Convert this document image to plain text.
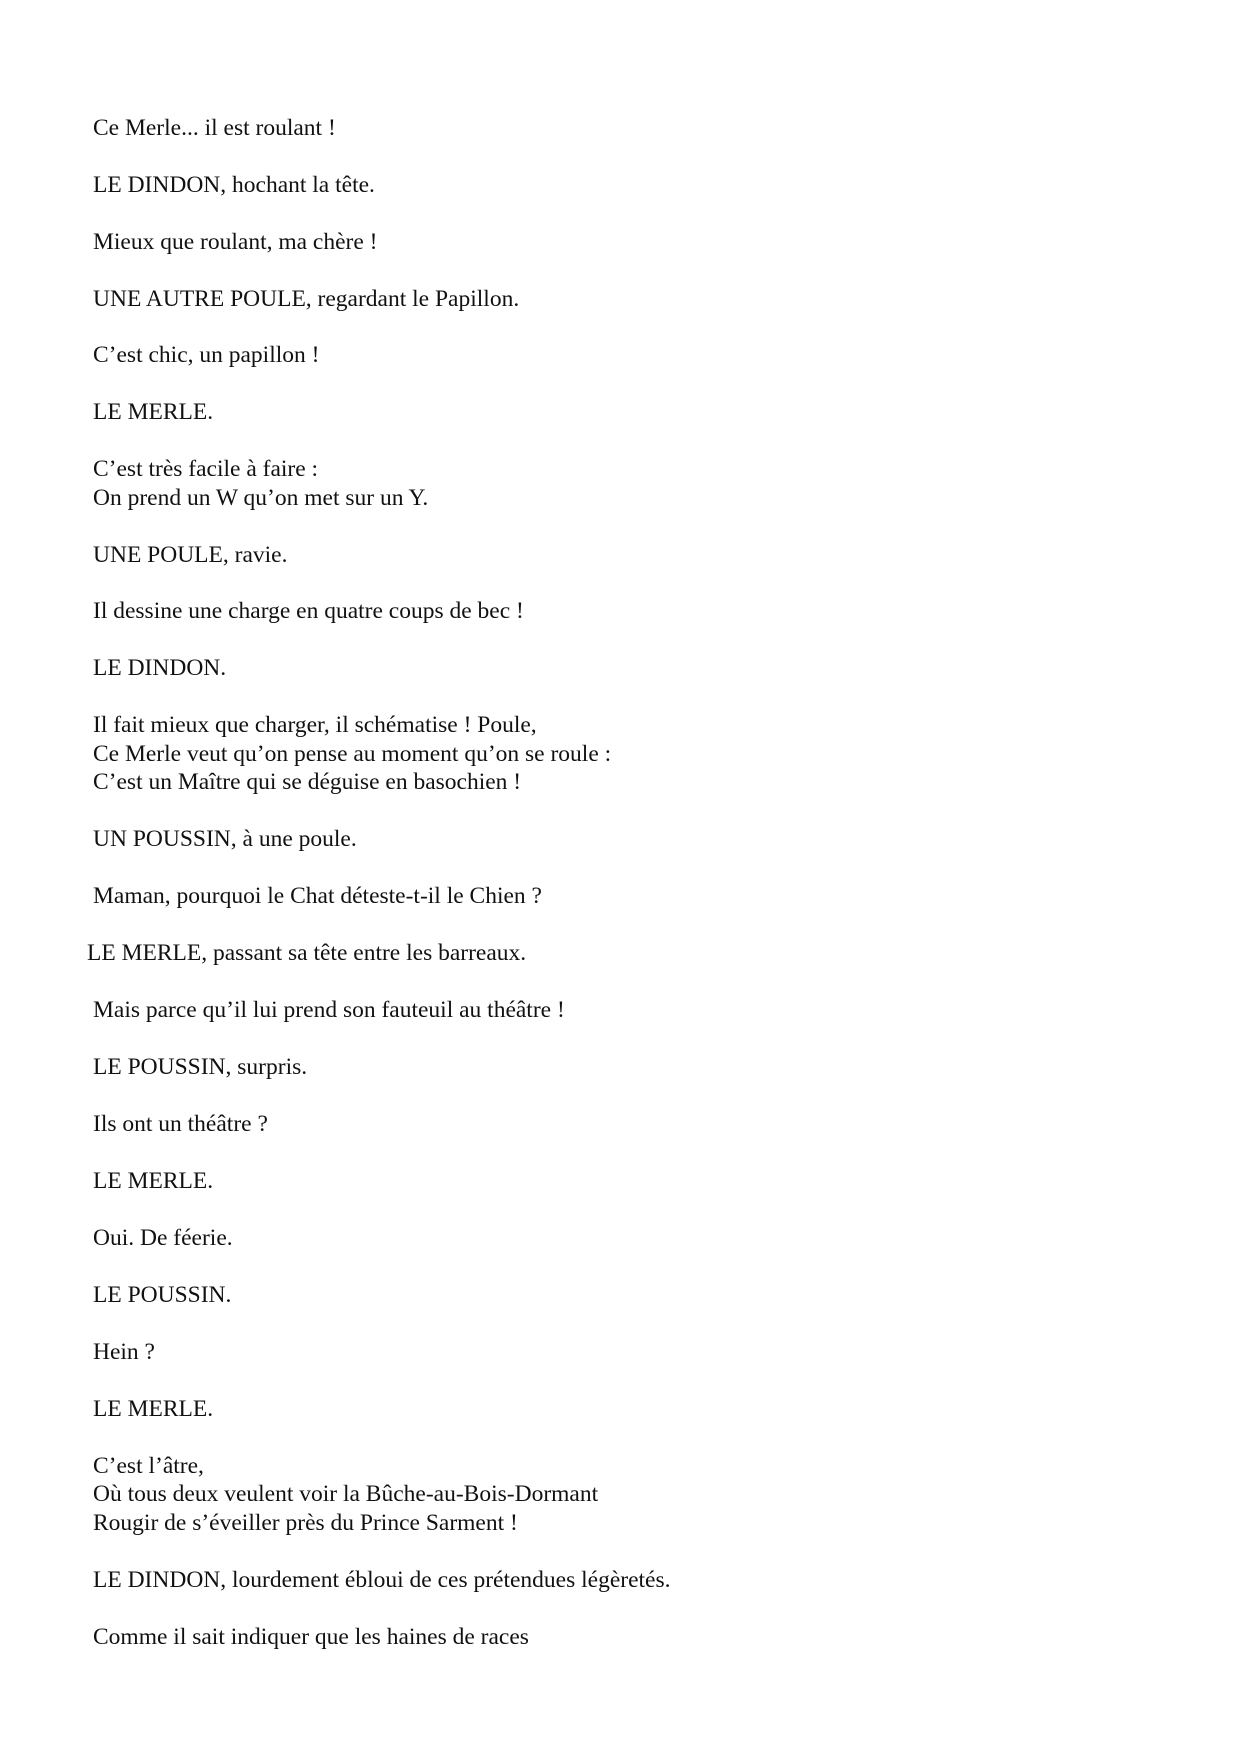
Ce Merle... il est roulant !

LE DINDON, hochant la tête.

Mieux que roulant, ma chère !

UNE AUTRE POULE, regardant le Papillon.

C’est chic, un papillon !

LE MERLE.

C’est très facile à faire :

On prend un W qu’on met sur un Y.

UNE POULE, ravie.

Il dessine une charge en quatre coups de bec !

LE DINDON.

Il fait mieux que charger, il schématise ! Poule,

Ce Merle veut qu’on pense au moment qu’on se roule :

C’est un Maître qui se déguise en basochien !

UN POUSSIN, à une poule.

Maman, pourquoi le Chat déteste-t-il le Chien ?

LE MERLE, passant sa tête entre les barreaux.

Mais parce qu’il lui prend son fauteuil au théâtre !

LE POUSSIN, surpris.

Ils ont un théâtre ?

LE MERLE.

Oui. De féerie.

LE POUSSIN.

Hein ?

LE MERLE.

C’est l’âtre,

Où tous deux veulent voir la Bûche-au-Bois-Dormant

Rougir de s’éveiller près du Prince Sarment !

LE DINDON, lourdement ébloui de ces prétendues légèretés.

Comme il sait indiquer que les haines de races
